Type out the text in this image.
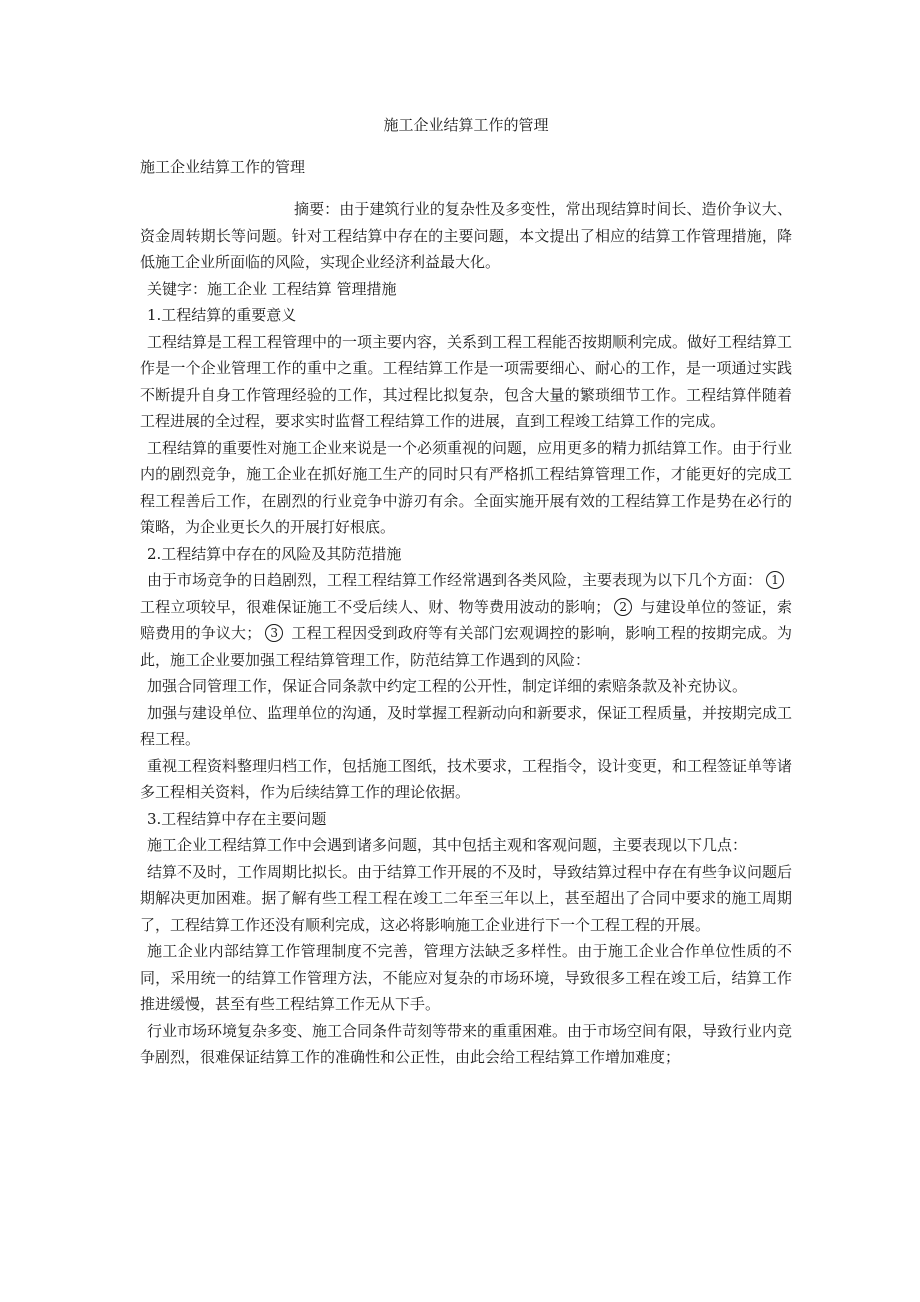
施工企业结算工作的管理

施工企业结算工作的管理

摘要：由于建筑行业的复杂性及多变性，常出现结算时间长、造价争议大、资金周转期长等问题。针对工程结算中存在的主要问题，本文提出了相应的结算工作管理措施，降低施工企业所面临的风险，实现企业经济利益最大化。

关键字：施工企业 工程结算 管理措施

1.工程结算的重要意义

工程结算是工程工程管理中的一项主要内容，关系到工程工程能否按期顺利完成。做好工程结算工作是一个企业管理工作的重中之重。工程结算工作是一项需要细心、耐心的工作，是一项通过实践不断提升自身工作管理经验的工作，其过程比拟复杂，包含大量的繁琐细节工作。工程结算伴随着工程进展的全过程，要求实时监督工程结算工作的进展，直到工程竣工结算工作的完成。

工程结算的重要性对施工企业来说是一个必须重视的问题，应用更多的精力抓结算工作。由于行业内的剧烈竞争，施工企业在抓好施工生产的同时只有严格抓工程结算管理工作，才能更好的完成工程工程善后工作，在剧烈的行业竞争中游刃有余。全面实施开展有效的工程结算工作是势在必行的策略，为企业更长久的开展打好根底。

2.工程结算中存在的风险及其防范措施

由于市场竞争的日趋剧烈，工程工程结算工作经常遇到各类风险，主要表现为以下几个方面： 1工程立项较早，很难保证施工不受后续人、财、物等费用波动的影响； 2 与建设单位的签证，索赔费用的争议大； 3 工程工程因受到政府等有关部门宏观调控的影响，影响工程的按期完成。为此，施工企业要加强工程结算管理工作，防范结算工作遇到的风险：

加强合同管理工作，保证合同条款中约定工程的公开性，制定详细的索赔条款及补充协议。

加强与建设单位、监理单位的沟通，及时掌握工程新动向和新要求，保证工程质量，并按期完成工程工程。

重视工程资料整理归档工作，包括施工图纸，技术要求，工程指令，设计变更，和工程签证单等诸多工程相关资料，作为后续结算工作的理论依据。

3.工程结算中存在主要问题

施工企业工程结算工作中会遇到诸多问题，其中包括主观和客观问题，主要表现以下几点：

结算不及时，工作周期比拟长。由于结算工作开展的不及时，导致结算过程中存在有些争议问题后期解决更加困难。据了解有些工程工程在竣工二年至三年以上，甚至超出了合同中要求的施工周期了，工程结算工作还没有顺利完成，这必将影响施工企业进行下一个工程工程的开展。

施工企业内部结算工作管理制度不完善，管理方法缺乏多样性。由于施工企业合作单位性质的不同，采用统一的结算工作管理方法，不能应对复杂的市场环境，导致很多工程在竣工后，结算工作推进缓慢，甚至有些工程结算工作无从下手。

行业市场环境复杂多变、施工合同条件苛刻等带来的重重困难。由于市场空间有限，导致行业内竞争剧烈，很难保证结算工作的准确性和公正性，由此会给工程结算工作增加难度；
